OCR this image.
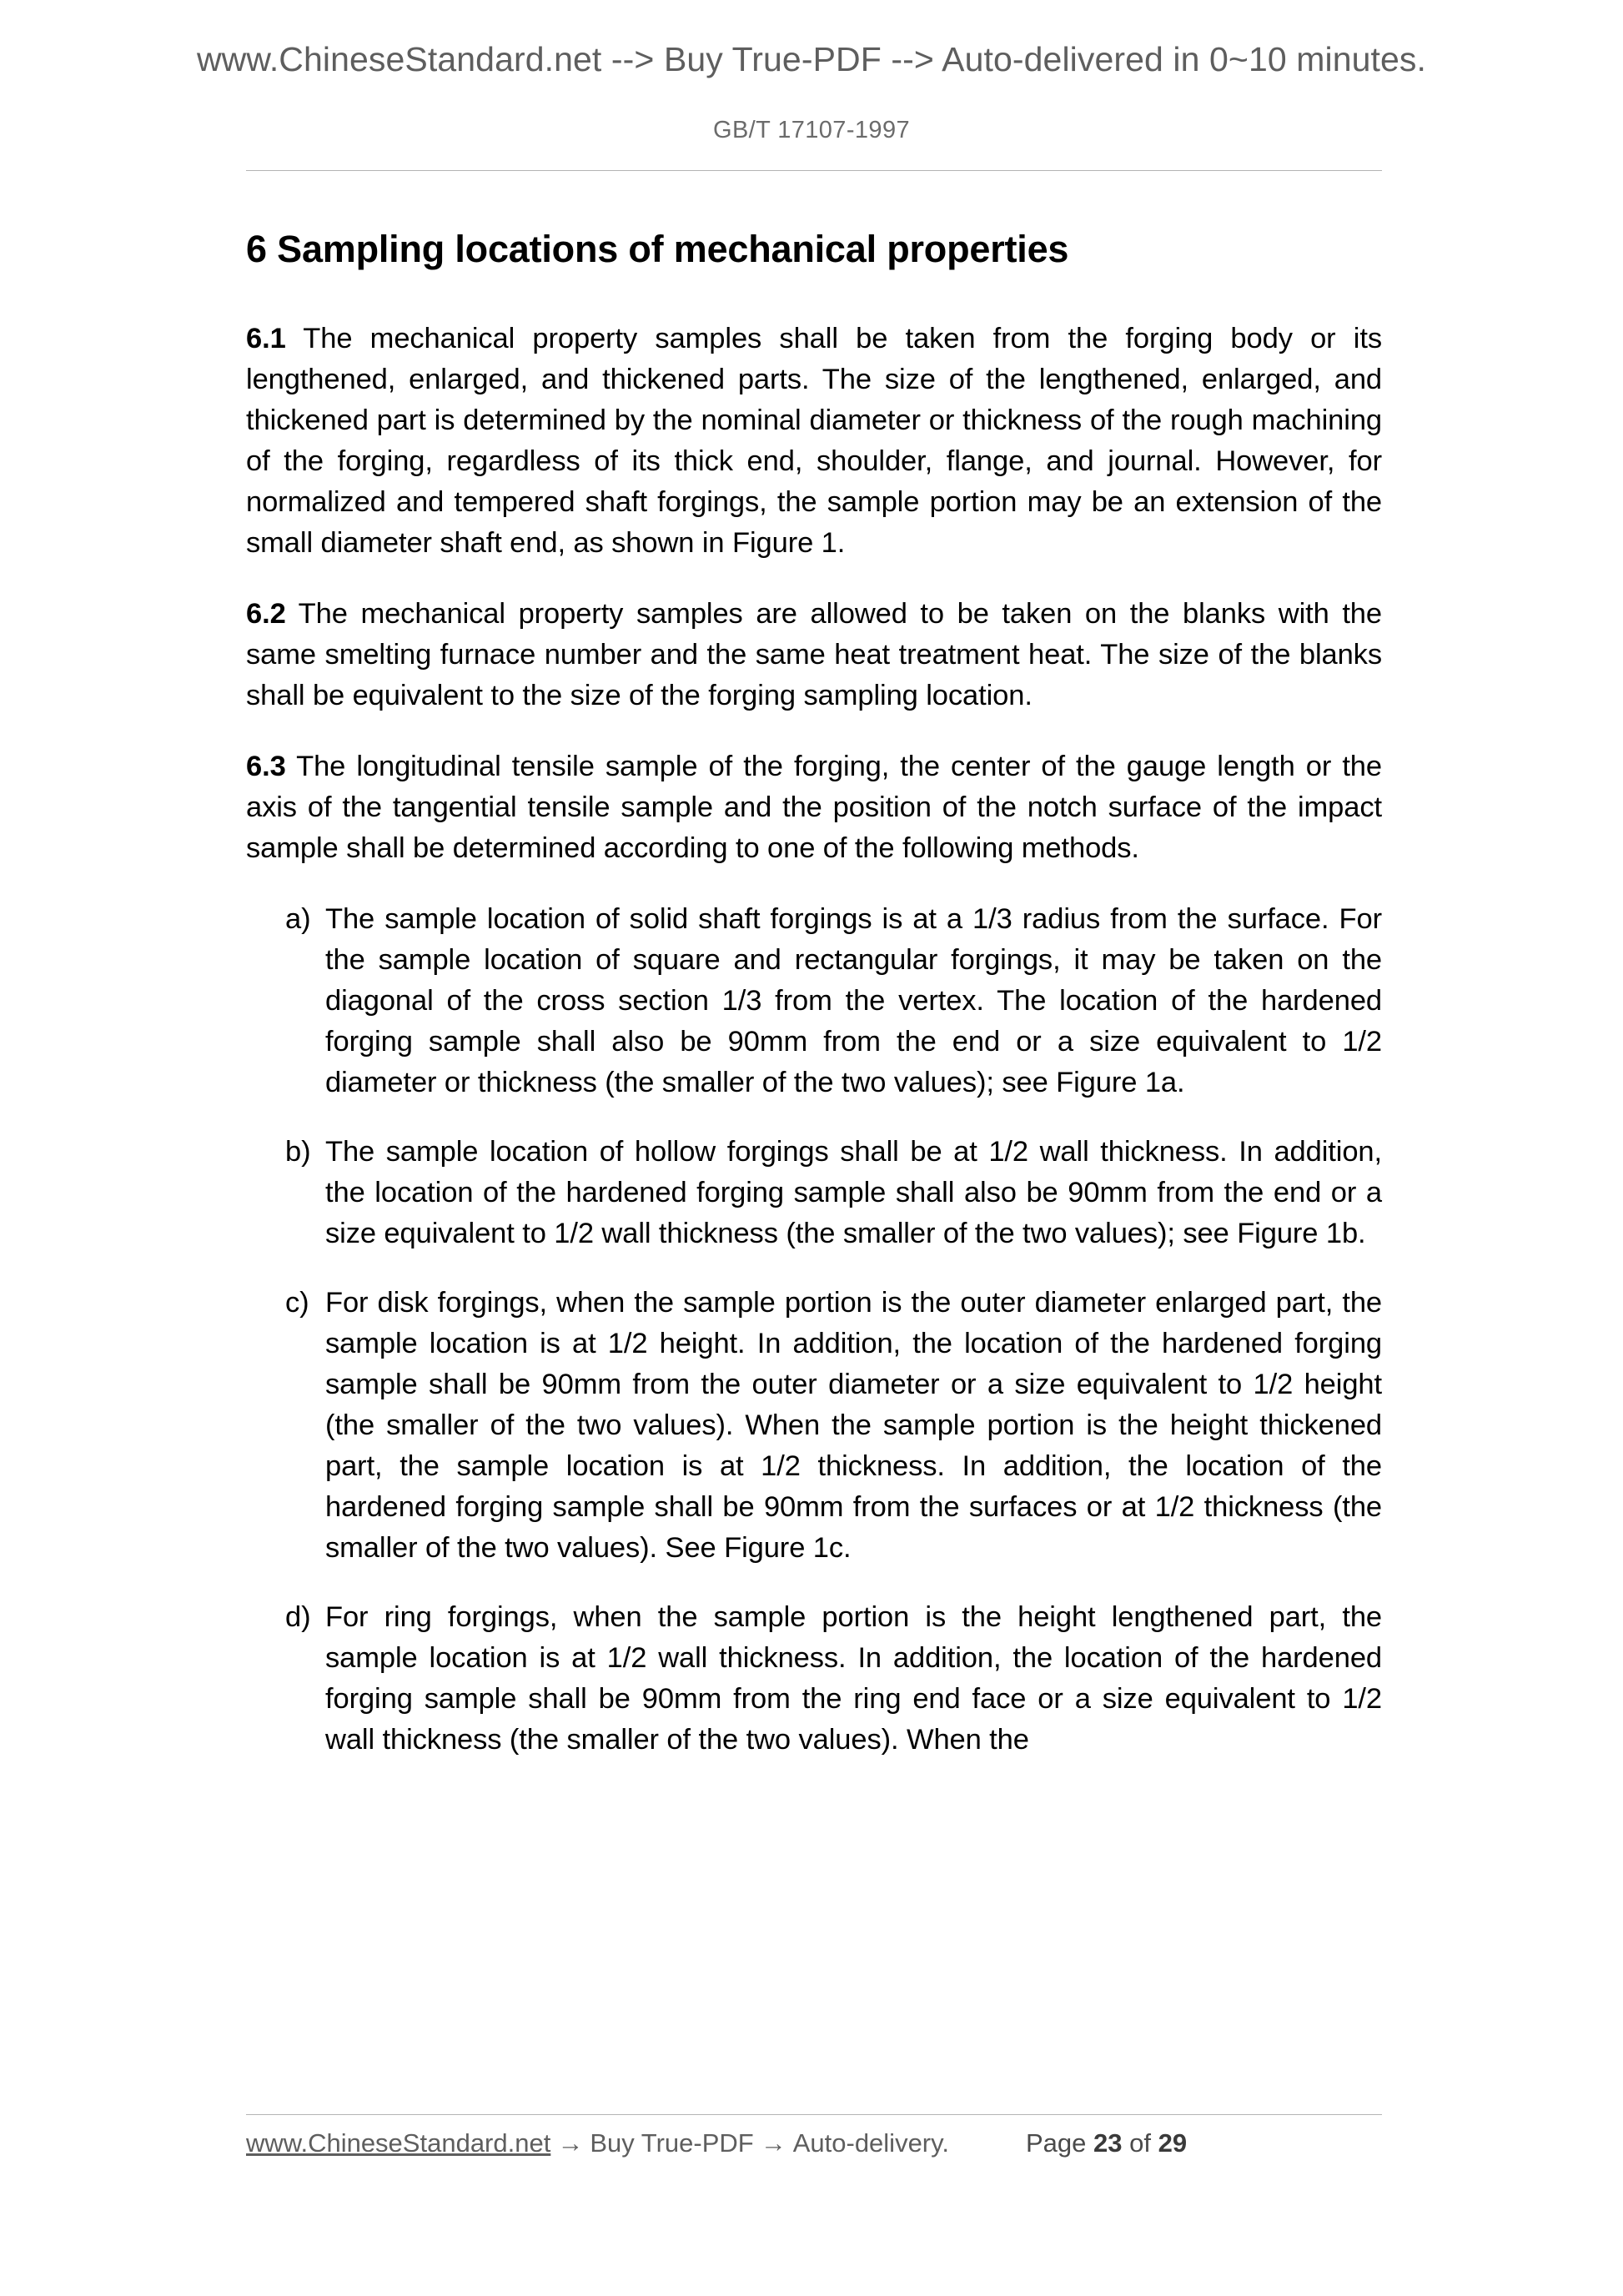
www.ChineseStandard.net --> Buy True-PDF --> Auto-delivered in 0~10 minutes.
GB/T 17107-1997
6 Sampling locations of mechanical properties

6.1 The mechanical property samples shall be taken from the forging body or its lengthened, enlarged, and thickened parts. The size of the lengthened, enlarged, and thickened part is determined by the nominal diameter or thickness of the rough machining of the forging, regardless of its thick end, shoulder, flange, and journal. However, for normalized and tempered shaft forgings, the sample portion may be an extension of the small diameter shaft end, as shown in Figure 1.

6.2 The mechanical property samples are allowed to be taken on the blanks with the same smelting furnace number and the same heat treatment heat. The size of the blanks shall be equivalent to the size of the forging sampling location.

6.3 The longitudinal tensile sample of the forging, the center of the gauge length or the axis of the tangential tensile sample and the position of the notch surface of the impact sample shall be determined according to one of the following methods.

a) The sample location of solid shaft forgings is at a 1/3 radius from the surface. For the sample location of square and rectangular forgings, it may be taken on the diagonal of the cross section 1/3 from the vertex. The location of the hardened forging sample shall also be 90mm from the end or a size equivalent to 1/2 diameter or thickness (the smaller of the two values); see Figure 1a.
b) The sample location of hollow forgings shall be at 1/2 wall thickness. In addition, the location of the hardened forging sample shall also be 90mm from the end or a size equivalent to 1/2 wall thickness (the smaller of the two values); see Figure 1b.
c) For disk forgings, when the sample portion is the outer diameter enlarged part, the sample location is at 1/2 height. In addition, the location of the hardened forging sample shall be 90mm from the outer diameter or a size equivalent to 1/2 height (the smaller of the two values). When the sample portion is the height thickened part, the sample location is at 1/2 thickness. In addition, the location of the hardened forging sample shall be 90mm from the surfaces or at 1/2 thickness (the smaller of the two values). See Figure 1c.
d) For ring forgings, when the sample portion is the height lengthened part, the sample location is at 1/2 wall thickness. In addition, the location of the hardened forging sample shall be 90mm from the ring end face or a size equivalent to 1/2 wall thickness (the smaller of the two values). When the
www.ChineseStandard.net → Buy True-PDF → Auto-delivery.	Page 23 of 29
